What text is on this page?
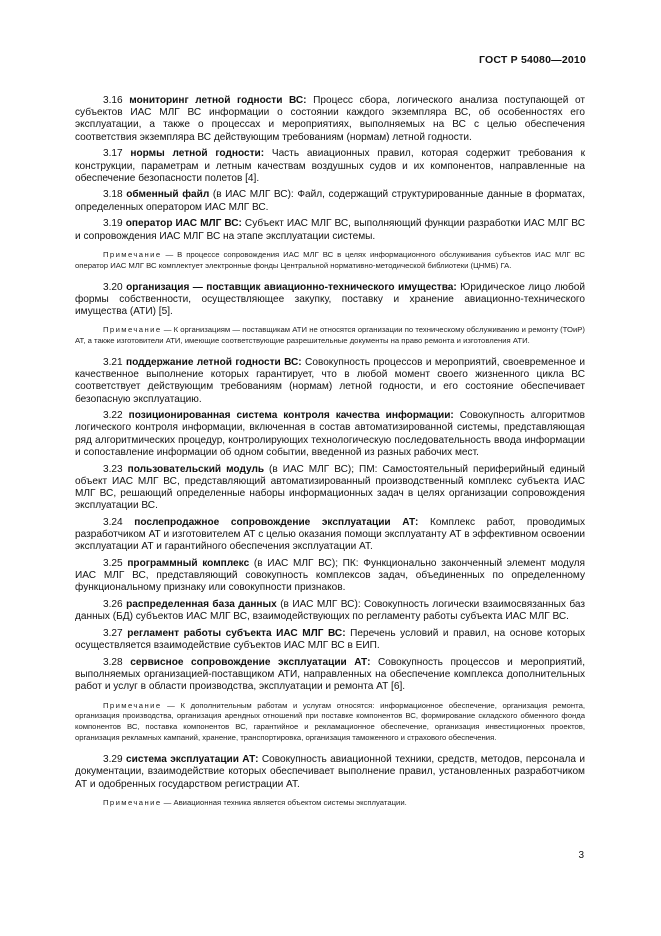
ГОСТ Р 54080—2010

3.16 мониторинг летной годности ВС: Процесс сбора, логического анализа поступающей от субъектов ИАС МЛГ ВС информации о состоянии каждого экземпляра ВС, об особенностях его эксплуатации, а также о процессах и мероприятиях, выполняемых на ВС с целью обеспечения соответствия экземпляра ВС действующим требованиям (нормам) летной годности.

3.17 нормы летной годности: Часть авиационных правил, которая содержит требования к конструкции, параметрам и летным качествам воздушных судов и их компонентов, направленные на обеспечение безопасности полетов [4].

3.18 обменный файл (в ИАС МЛГ ВС): Файл, содержащий структурированные данные в форматах, определенных оператором ИАС МЛГ ВС.

3.19 оператор ИАС МЛГ ВС: Субъект ИАС МЛГ ВС, выполняющий функции разработки ИАС МЛГ ВС и сопровождения ИАС МЛГ ВС на этапе эксплуатации системы.

Примечание — В процессе сопровождения ИАС МЛГ ВС в целях информационного обслуживания субъектов ИАС МЛГ ВС оператор ИАС МЛГ ВС комплектует электронные фонды Центральной нормативно-методической библиотеки (ЦНМБ) ГА.

3.20 организация — поставщик авиационно-технического имущества: Юридическое лицо любой формы собственности, осуществляющее закупку, поставку и хранение авиационно-технического имущества (АТИ) [5].

Примечание — К организациям — поставщикам АТИ не относятся организации по техническому обслуживанию и ремонту (ТОиР) АТ, а также изготовители АТИ, имеющие соответствующие разрешительные документы на право ремонта и изготовления АТИ.

3.21 поддержание летной годности ВС: Совокупность процессов и мероприятий, своевременное и качественное выполнение которых гарантирует, что в любой момент своего жизненного цикла ВС соответствует действующим требованиям (нормам) летной годности, и его состояние обеспечивает безопасную эксплуатацию.

3.22 позиционированная система контроля качества информации: Совокупность алгоритмов логического контроля информации, включенная в состав автоматизированной системы, представляющая ряд алгоритмических процедур, контролирующих технологическую последовательность ввода информации и сопоставление информации об одном событии, введенной из разных рабочих мест.

3.23 пользовательский модуль (в ИАС МЛГ ВС); ПМ: Самостоятельный периферийный единый объект ИАС МЛГ ВС, представляющий автоматизированный производственный комплекс субъекта ИАС МЛГ ВС, решающий определенные наборы информационных задач в целях организации сопровождения эксплуатации ВС.

3.24 послепродажное сопровождение эксплуатации АТ: Комплекс работ, проводимых разработчиком АТ и изготовителем АТ с целью оказания помощи эксплуатанту АТ в эффективном освоении эксплуатации АТ и гарантийного обеспечения эксплуатации АТ.

3.25 программный комплекс (в ИАС МЛГ ВС); ПК: Функционально законченный элемент модуля ИАС МЛГ ВС, представляющий совокупность комплексов задач, объединенных по определенному функциональному признаку или совокупности признаков.

3.26 распределенная база данных (в ИАС МЛГ ВС): Совокупность логически взаимосвязанных баз данных (БД) субъектов ИАС МЛГ ВС, взаимодействующих по регламенту работы субъекта ИАС МЛГ ВС.

3.27 регламент работы субъекта ИАС МЛГ ВС: Перечень условий и правил, на основе которых осуществляется взаимодействие субъектов ИАС МЛГ ВС в ЕИП.

3.28 сервисное сопровождение эксплуатации АТ: Совокупность процессов и мероприятий, выполняемых организацией-поставщиком АТИ, направленных на обеспечение комплекса дополнительных работ и услуг в области производства, эксплуатации и ремонта АТ [6].

Примечание — К дополнительным работам и услугам относятся: информационное обеспечение, организация ремонта, организация производства, организация арендных отношений при поставке компонентов ВС, формирование складского обменного фонда компонентов ВС, поставка компонентов ВС, гарантийное и рекламационное обеспечение, организация инвестиционных проектов, организация рекламных кампаний, хранение, транспортировка, организация таможенного и страхового обеспечения.

3.29 система эксплуатации АТ: Совокупность авиационной техники, средств, методов, персонала и документации, взаимодействие которых обеспечивает выполнение правил, установленных разработчиком АТ и одобренных государством регистрации АТ.

Примечание — Авиационная техника является объектом системы эксплуатации.

3
